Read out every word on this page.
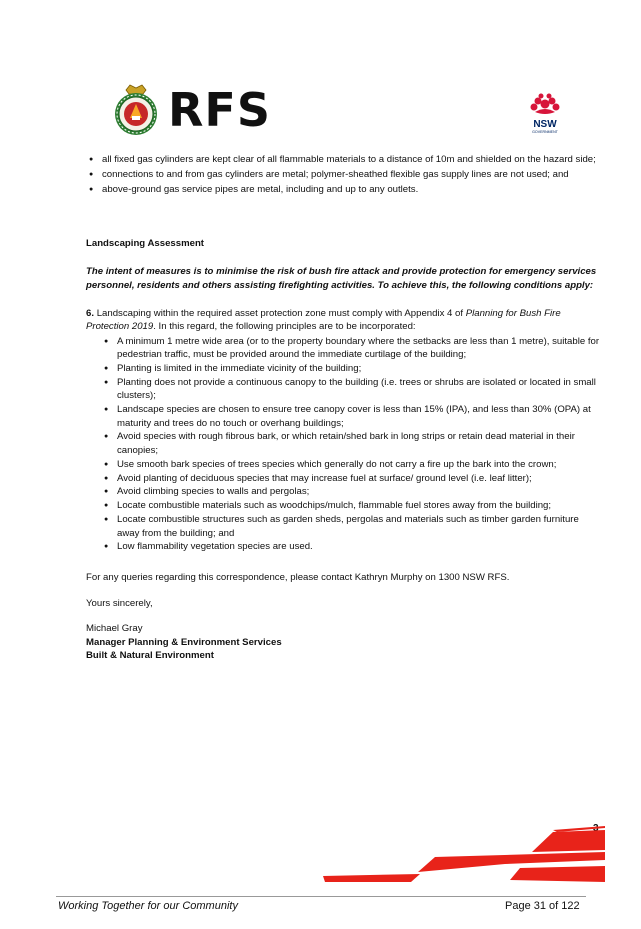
RFS	NSW
GOVERNMENT
● all fixed gas cylinders are kept clear of all flammable materials to a distance of 10m and shielded on the hazard side;
● connections to and from gas cylinders are metal; polymer-sheathed flexible gas supply lines are not used; and
● above-ground gas service pipes are metal, including and up to any outlets.
Landscaping Assessment
The intent of measures is to minimise the risk of bush fire attack and provide protection for emergency services personnel, residents and others assisting firefighting activities. To achieve this, the following conditions apply:
6. Landscaping within the required asset protection zone must comply with Appendix 4 of Planning for Bush Fire Protection 2019. In this regard, the following principles are to be incorporated:
● A minimum 1 metre wide area (or to the property boundary where the setbacks are less than 1 metre), suitable for pedestrian traffic, must be provided around the immediate curtilage of the building;
● Planting is limited in the immediate vicinity of the building;
● Planting does not provide a continuous canopy to the building (i.e. trees or shrubs are isolated or located in small clusters);
● Landscape species are chosen to ensure tree canopy cover is less than 15% (IPA), and less than 30% (OPA) at maturity and trees do no touch or overhang buildings;
● Avoid species with rough fibrous bark, or which retain/shed bark in long strips or retain dead material in their canopies;
● Use smooth bark species of trees species which generally do not carry a fire up the bark into the crown;
● Avoid planting of deciduous species that may increase fuel at surface/ ground level (i.e. leaf litter);
● Avoid climbing species to walls and pergolas;
● Locate combustible materials such as woodchips/mulch, flammable fuel stores away from the building;
● Locate combustible structures such as garden sheds, pergolas and materials such as timber garden furniture away from the building; and
● Low flammability vegetation species are used.
For any queries regarding this correspondence, please contact Kathryn Murphy on 1300 NSW RFS.
Yours sincerely,
Michael Gray
Manager Planning & Environment Services
Built & Natural Environment
Working Together for our Community	Page 31 of 122
